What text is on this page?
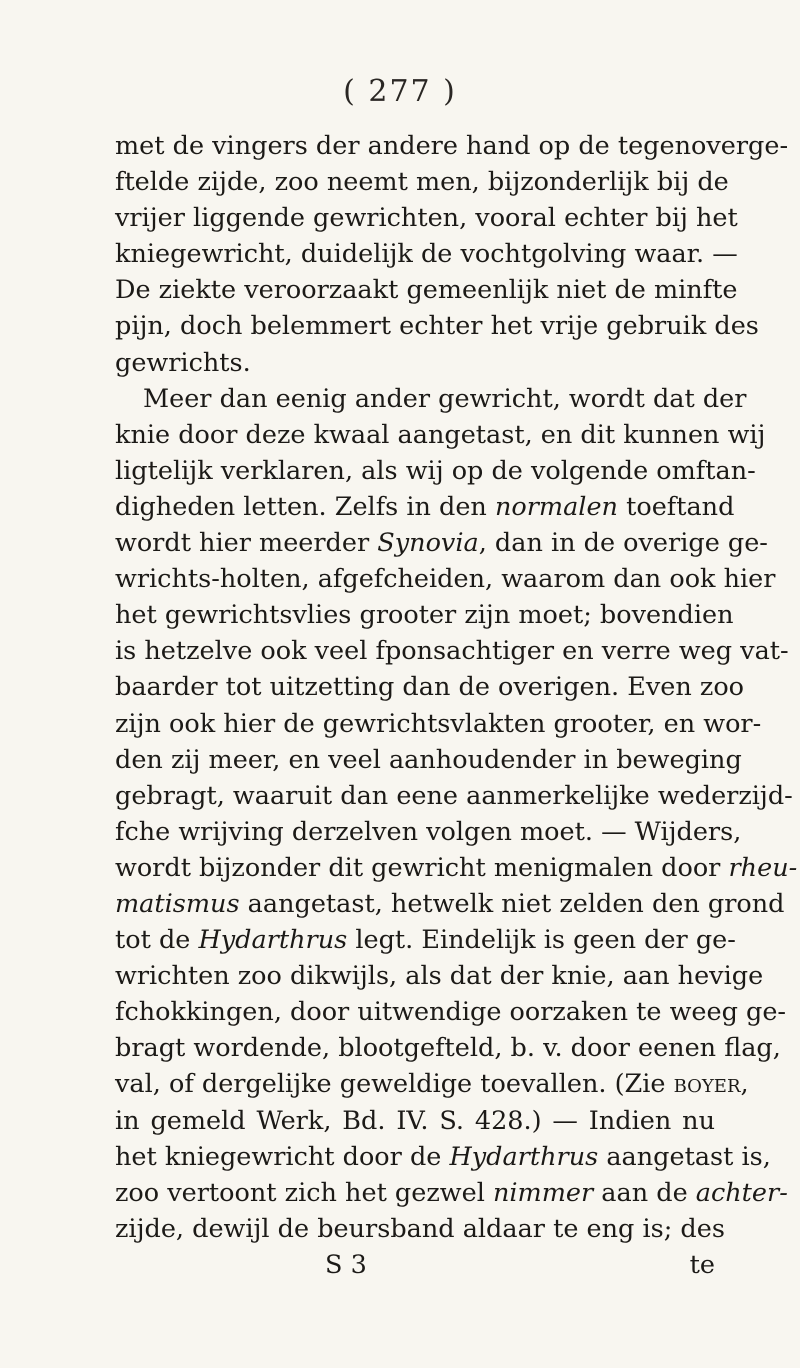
( 277 )
met de vingers der andere hand op de tegenoverge-
ftelde zijde, zoo neemt men, bijzonderlijk bij de
vrijer liggende gewrichten, vooral echter bij het
kniegewricht, duidelijk de vochtgolving waar. —
De ziekte veroorzaakt gemeenlijk niet de minfte
pijn, doch belemmert echter het vrije gebruik des
gewrichts.
Meer dan eenig ander gewricht, wordt dat der
knie door deze kwaal aangetast, en dit kunnen wij
ligtelijk verklaren, als wij op de volgende omftan-
digheden letten. Zelfs in den normalen toeftand
wordt hier meerder Synovia, dan in de overige ge-
wrichts-holten, afgefcheiden, waarom dan ook hier
het gewrichtsvlies grooter zijn moet; bovendien
is hetzelve ook veel fponsachtiger en verre weg vat-
baarder tot uitzetting dan de overigen. Even zoo
zijn ook hier de gewrichtsvlakten grooter, en wor-
den zij meer, en veel aanhoudender in beweging
gebragt, waaruit dan eene aanmerkelijke wederzijd-
fche wrijving derzelven volgen moet. — Wijders,
wordt bijzonder dit gewricht menigmalen door rheu-
matismus aangetast, hetwelk niet zelden den grond
tot de Hydarthrus legt. Eindelijk is geen der ge-
wrichten zoo dikwijls, als dat der knie, aan hevige
fchokkingen, door uitwendige oorzaken te weeg ge-
bragt wordende, blootgefteld, b. v. door eenen flag,
val, of dergelijke geweldige toevallen. (Zie boyer,
in gemeld Werk, Bd. IV. S. 428.) — Indien nu
het kniegewricht door de Hydarthrus aangetast is,
zoo vertoont zich het gezwel nimmer aan de achter-
zijde, dewijl de beursband aldaar te eng is; des
S 3	te
